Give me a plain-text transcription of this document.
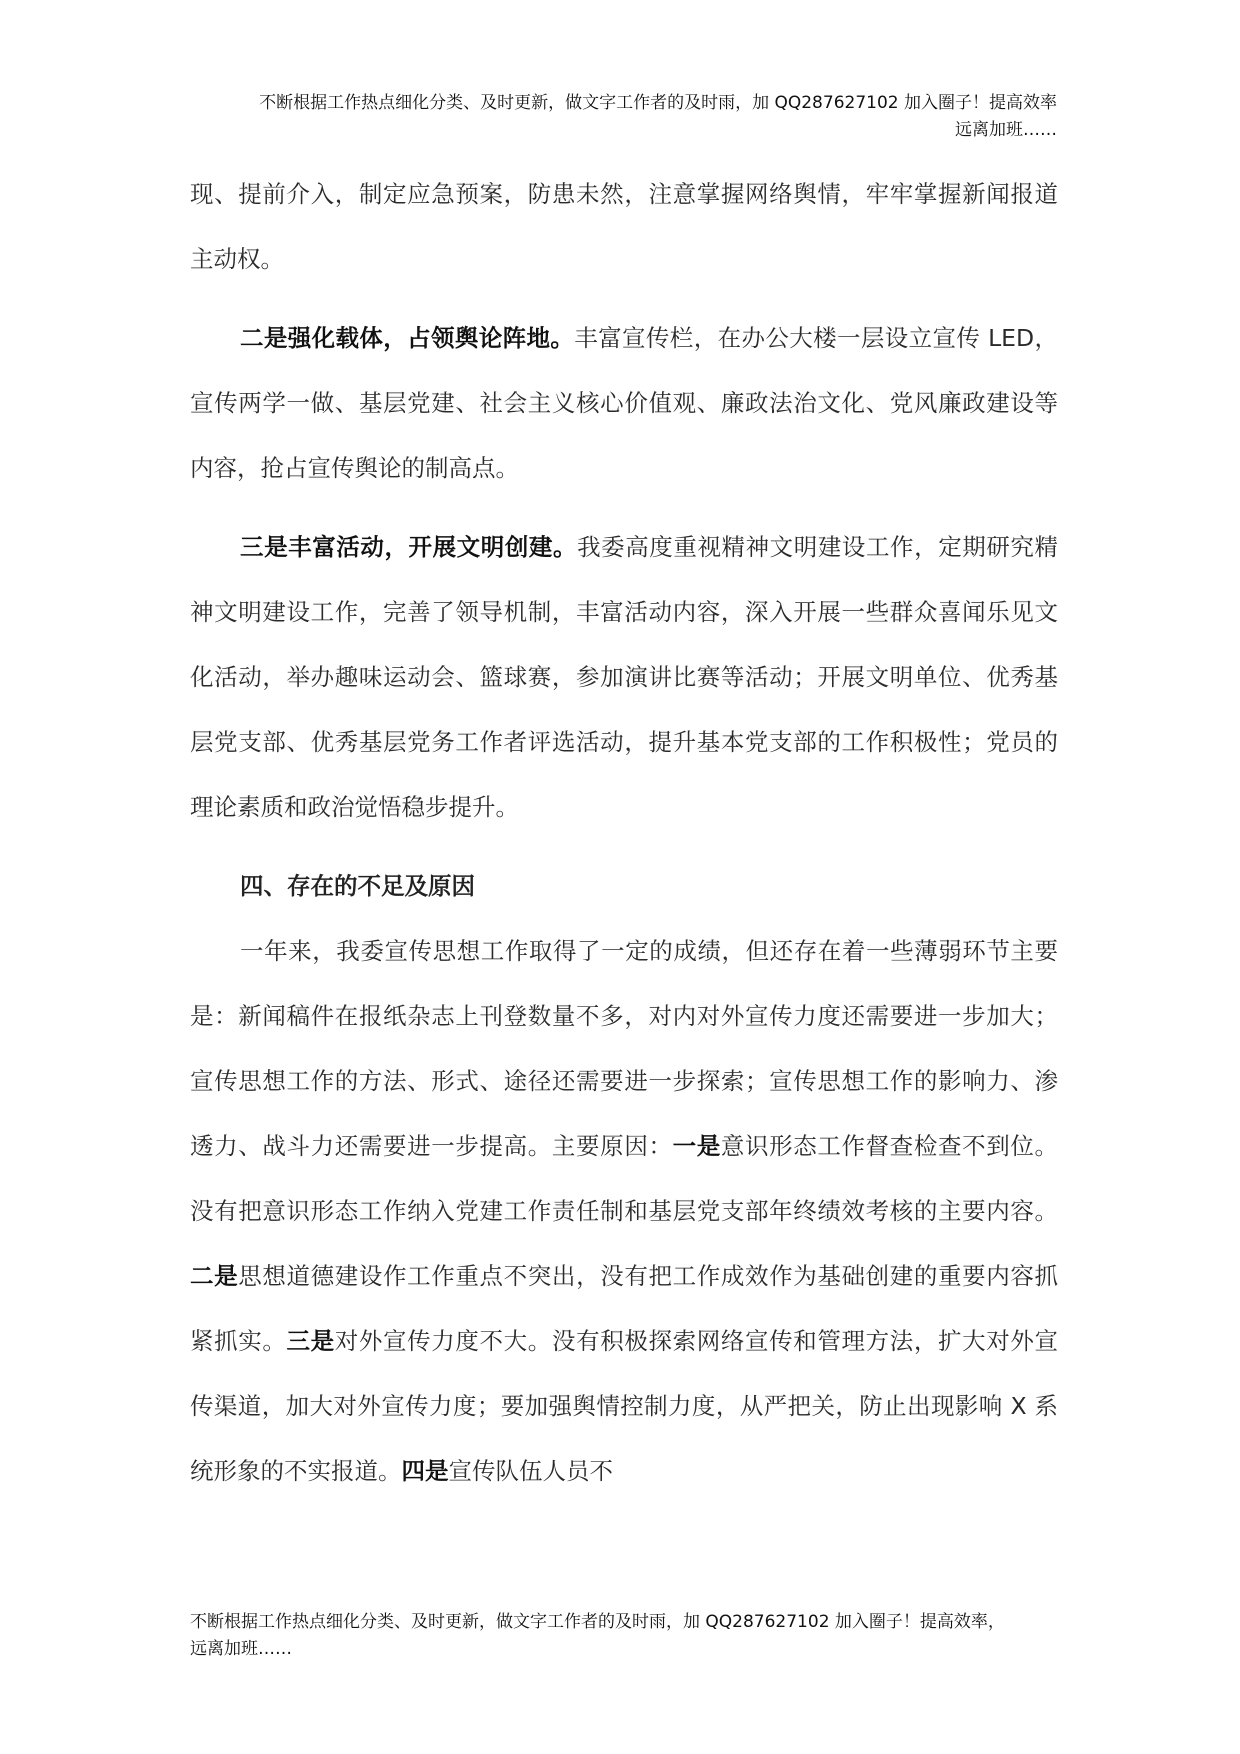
不断根据工作热点细化分类、及时更新，做文字工作者的及时雨，加 QQ287627102 加入圈子！提高效率
远离加班……

现、提前介入，制定应急预案，防患未然，注意掌握网络舆情，牢牢掌握新闻报道主动权。

二是强化载体，占领舆论阵地。丰富宣传栏，在办公大楼一层设立宣传 LED，宣传两学一做、基层党建、社会主义核心价值观、廉政法治文化、党风廉政建设等内容，抢占宣传舆论的制高点。

三是丰富活动，开展文明创建。我委高度重视精神文明建设工作，定期研究精神文明建设工作，完善了领导机制，丰富活动内容，深入开展一些群众喜闻乐见文化活动，举办趣味运动会、篮球赛，参加演讲比赛等活动；开展文明单位、优秀基层党支部、优秀基层党务工作者评选活动，提升基本党支部的工作积极性；党员的理论素质和政治觉悟稳步提升。

四、存在的不足及原因

一年来，我委宣传思想工作取得了一定的成绩，但还存在着一些薄弱环节主要是：新闻稿件在报纸杂志上刊登数量不多，对内对外宣传力度还需要进一步加大；宣传思想工作的方法、形式、途径还需要进一步探索；宣传思想工作的影响力、渗透力、战斗力还需要进一步提高。主要原因：一是意识形态工作督查检查不到位。没有把意识形态工作纳入党建工作责任制和基层党支部年终绩效考核的主要内容。二是思想道德建设作工作重点不突出，没有把工作成效作为基础创建的重要内容抓紧抓实。三是对外宣传力度不大。没有积极探索网络宣传和管理方法，扩大对外宣传渠道，加大对外宣传力度；要加强舆情控制力度，从严把关，防止出现影响 X 系统形象的不实报道。四是宣传队伍人员不

不断根据工作热点细化分类、及时更新，做文字工作者的及时雨，加 QQ287627102 加入圈子！提高效率，
远离加班……
